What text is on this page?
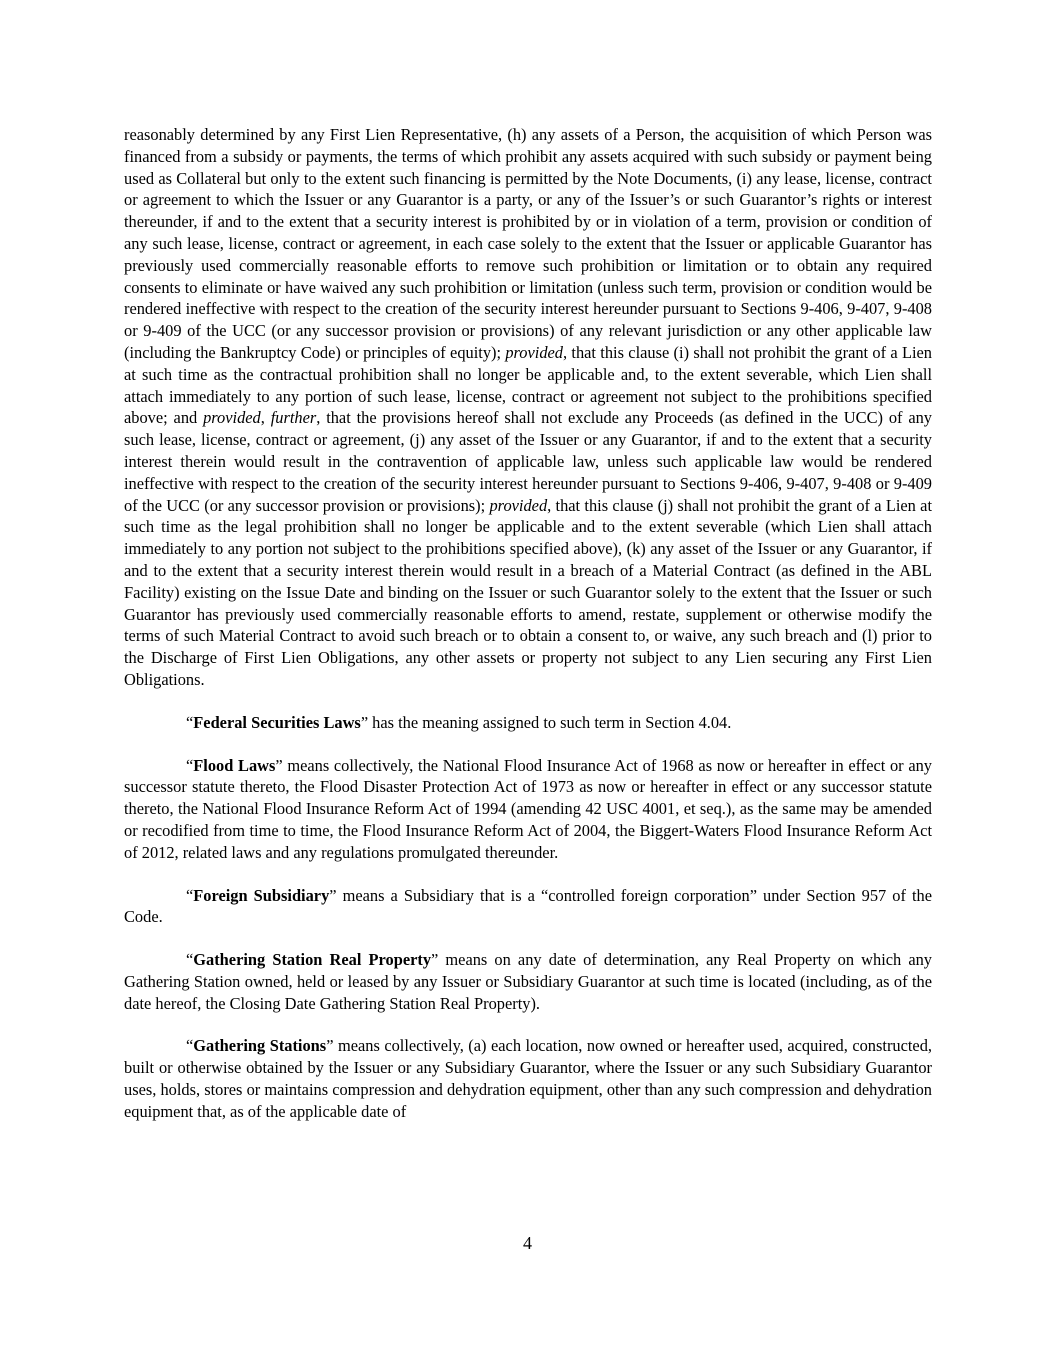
reasonably determined by any First Lien Representative, (h) any assets of a Person, the acquisition of which Person was financed from a subsidy or payments, the terms of which prohibit any assets acquired with such subsidy or payment being used as Collateral but only to the extent such financing is permitted by the Note Documents, (i) any lease, license, contract or agreement to which the Issuer or any Guarantor is a party, or any of the Issuer’s or such Guarantor’s rights or interest thereunder, if and to the extent that a security interest is prohibited by or in violation of a term, provision or condition of any such lease, license, contract or agreement, in each case solely to the extent that the Issuer or applicable Guarantor has previously used commercially reasonable efforts to remove such prohibition or limitation or to obtain any required consents to eliminate or have waived any such prohibition or limitation (unless such term, provision or condition would be rendered ineffective with respect to the creation of the security interest hereunder pursuant to Sections 9-406, 9-407, 9-408 or 9-409 of the UCC (or any successor provision or provisions) of any relevant jurisdiction or any other applicable law (including the Bankruptcy Code) or principles of equity); provided, that this clause (i) shall not prohibit the grant of a Lien at such time as the contractual prohibition shall no longer be applicable and, to the extent severable, which Lien shall attach immediately to any portion of such lease, license, contract or agreement not subject to the prohibitions specified above; and provided, further, that the provisions hereof shall not exclude any Proceeds (as defined in the UCC) of any such lease, license, contract or agreement, (j) any asset of the Issuer or any Guarantor, if and to the extent that a security interest therein would result in the contravention of applicable law, unless such applicable law would be rendered ineffective with respect to the creation of the security interest hereunder pursuant to Sections 9-406, 9-407, 9-408 or 9-409 of the UCC (or any successor provision or provisions); provided, that this clause (j) shall not prohibit the grant of a Lien at such time as the legal prohibition shall no longer be applicable and to the extent severable (which Lien shall attach immediately to any portion not subject to the prohibitions specified above), (k) any asset of the Issuer or any Guarantor, if and to the extent that a security interest therein would result in a breach of a Material Contract (as defined in the ABL Facility) existing on the Issue Date and binding on the Issuer or such Guarantor solely to the extent that the Issuer or such Guarantor has previously used commercially reasonable efforts to amend, restate, supplement or otherwise modify the terms of such Material Contract to avoid such breach or to obtain a consent to, or waive, any such breach and (l) prior to the Discharge of First Lien Obligations, any other assets or property not subject to any Lien securing any First Lien Obligations.

“Federal Securities Laws” has the meaning assigned to such term in Section 4.04.

“Flood Laws” means collectively, the National Flood Insurance Act of 1968 as now or hereafter in effect or any successor statute thereto, the Flood Disaster Protection Act of 1973 as now or hereafter in effect or any successor statute thereto, the National Flood Insurance Reform Act of 1994 (amending 42 USC 4001, et seq.), as the same may be amended or recodified from time to time, the Flood Insurance Reform Act of 2004, the Biggert-Waters Flood Insurance Reform Act of 2012, related laws and any regulations promulgated thereunder.

“Foreign Subsidiary” means a Subsidiary that is a “controlled foreign corporation” under Section 957 of the Code.

“Gathering Station Real Property” means on any date of determination, any Real Property on which any Gathering Station owned, held or leased by any Issuer or Subsidiary Guarantor at such time is located (including, as of the date hereof, the Closing Date Gathering Station Real Property).

“Gathering Stations” means collectively, (a) each location, now owned or hereafter used, acquired, constructed, built or otherwise obtained by the Issuer or any Subsidiary Guarantor, where the Issuer or any such Subsidiary Guarantor uses, holds, stores or maintains compression and dehydration equipment, other than any such compression and dehydration equipment that, as of the applicable date of

4
